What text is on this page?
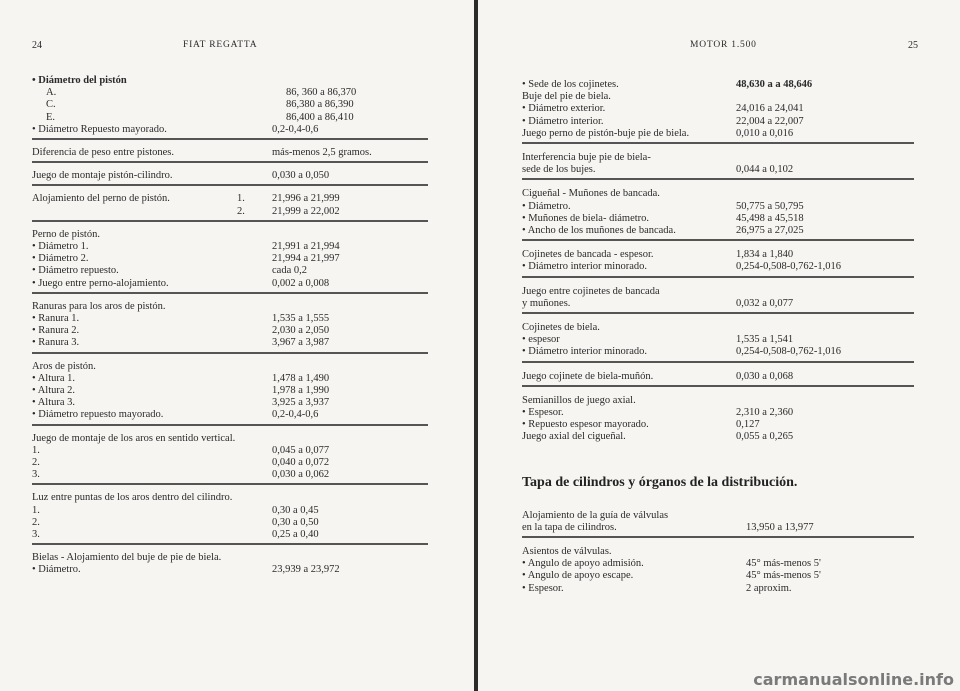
24	FIAT REGATTA
• Diámetro del pistón
A.	86, 360 a 86,370
C.	86,380 a 86,390
E.	86,400 a 86,410
• Diámetro Repuesto mayorado.	0,2-0,4-0,6
Diferencia de peso entre pistones.	más-menos 2,5 gramos.
Juego de montaje pistón-cilindro.	0,030 a 0,050
Alojamiento del perno de pistón.	1.	21,996 a 21,999
2.	21,999 a 22,002
Perno de pistón.
• Diámetro 1.	21,991 a 21,994
• Diámetro 2.	21,994 a 21,997
• Diámetro repuesto.	cada 0,2
• Juego entre perno-alojamiento.	0,002 a 0,008
Ranuras para los aros de pistón.
• Ranura 1.	1,535 a 1,555
• Ranura 2.	2,030 a 2,050
• Ranura 3.	3,967 a 3,987
Aros de pistón.
• Altura 1.	1,478 a 1,490
• Altura 2.	1,978 a 1,990
• Altura 3.	3,925 a 3,937
• Diámetro repuesto mayorado.	0,2-0,4-0,6
Juego de montaje de los aros en sentido vertical.
1.	0,045 a 0,077
2.	0,040 a 0,072
3.	0,030 a 0,062
Luz entre puntas de los aros dentro del cilindro.
1.	0,30 a 0,45
2.	0,30 a 0,50
3.	0,25 a 0,40
Bielas - Alojamiento del buje de pie de biela.
• Diámetro.	23,939 a 23,972
MOTOR 1.500	25
carmanualsonline.info
• Sede de los cojinetes.	48,630 a a 48,646
Buje del pie de biela.
• Diámetro exterior.	24,016 a 24,041
• Diámetro interior.	22,004 a 22,007
Juego perno de pistón-buje pie de biela.	0,010 a 0,016
Interferencia buje pie de biela-
sede de los bujes.	0,044 a 0,102
Cigueñal - Muñones de bancada.
• Diámetro.	50,775 a 50,795
• Muñones de biela- diámetro.	45,498 a 45,518
• Ancho de los muñones de bancada.	26,975 a 27,025
Cojinetes de bancada - espesor.	1,834 a 1,840
• Diámetro interior minorado.	0,254-0,508-0,762-1,016
Juego entre cojinetes de bancada
y muñones.	0,032 a 0,077
Cojinetes de biela.
• espesor	1,535 a 1,541
• Diámetro interior minorado.	0,254-0,508-0,762-1,016
Juego cojinete de biela-muñón.	0,030 a 0,068
Semianillos de juego axial.
• Espesor.	2,310 a 2,360
• Repuesto espesor mayorado.	0,127
Juego axial del cigueñal.	0,055 a 0,265
Tapa de cilindros y órganos de la distribución.
Alojamiento de la guía de válvulas
en la tapa de cilindros.	13,950 a 13,977
Asientos de válvulas.
• Angulo de apoyo admisión.	45° más-menos 5'
• Angulo de apoyo escape.	45° más-menos 5'
• Espesor.	2 aproxim.
